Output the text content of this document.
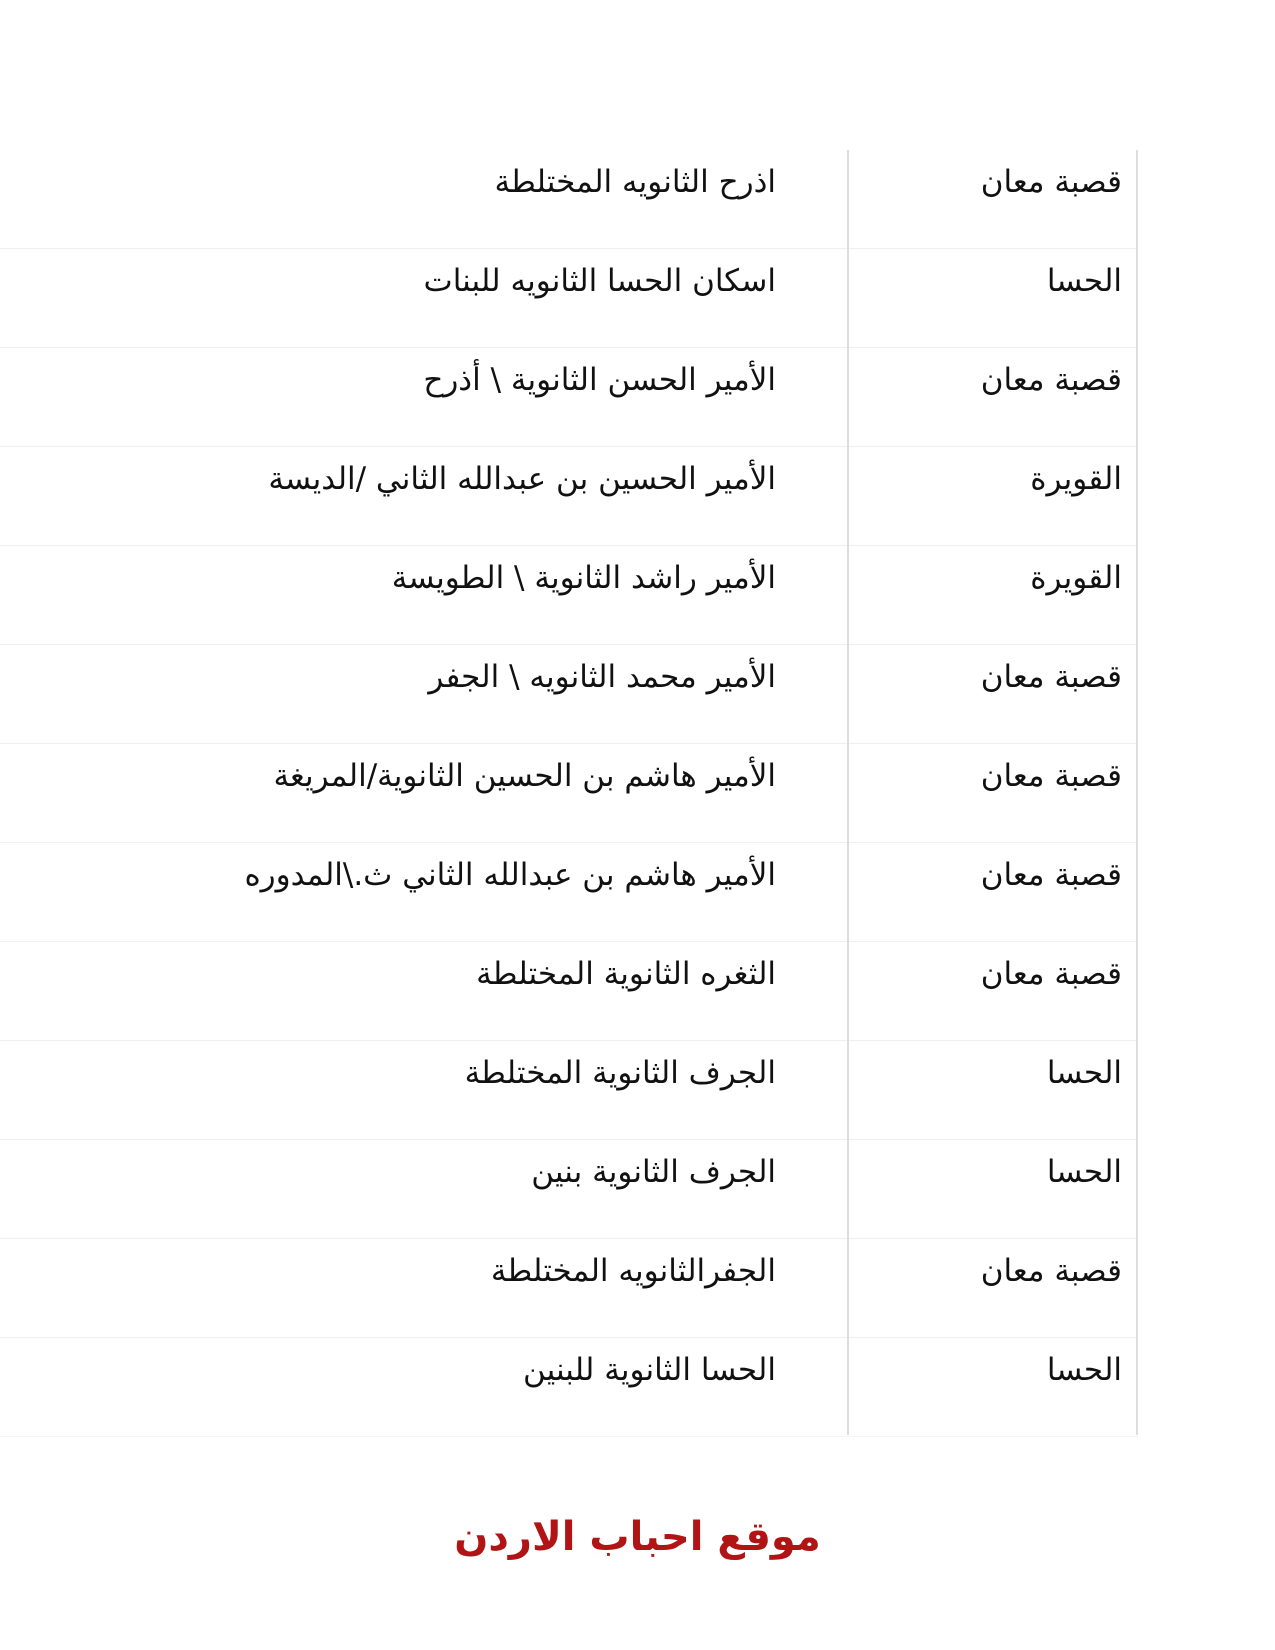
قصبة معان
اذرح الثانويه المختلطة
الحسا
اسكان الحسا الثانويه للبنات
قصبة معان
الأمير الحسن الثانوية \ أذرح
القويرة
الأمير الحسين بن عبدالله الثاني /الديسة
القويرة
الأمير راشد الثانوية \ الطويسة
قصبة معان
الأمير محمد الثانويه \ الجفر
قصبة معان
الأمير هاشم بن الحسين الثانوية/المريغة
قصبة معان
الأمير هاشم بن عبدالله الثاني ث.\المدوره
قصبة معان
الثغره الثانوية المختلطة
الحسا
الجرف الثانوية المختلطة
الحسا
الجرف الثانوية بنين
قصبة معان
الجفرالثانويه المختلطة
الحسا
الحسا الثانوية للبنين
موقع احباب الاردن
